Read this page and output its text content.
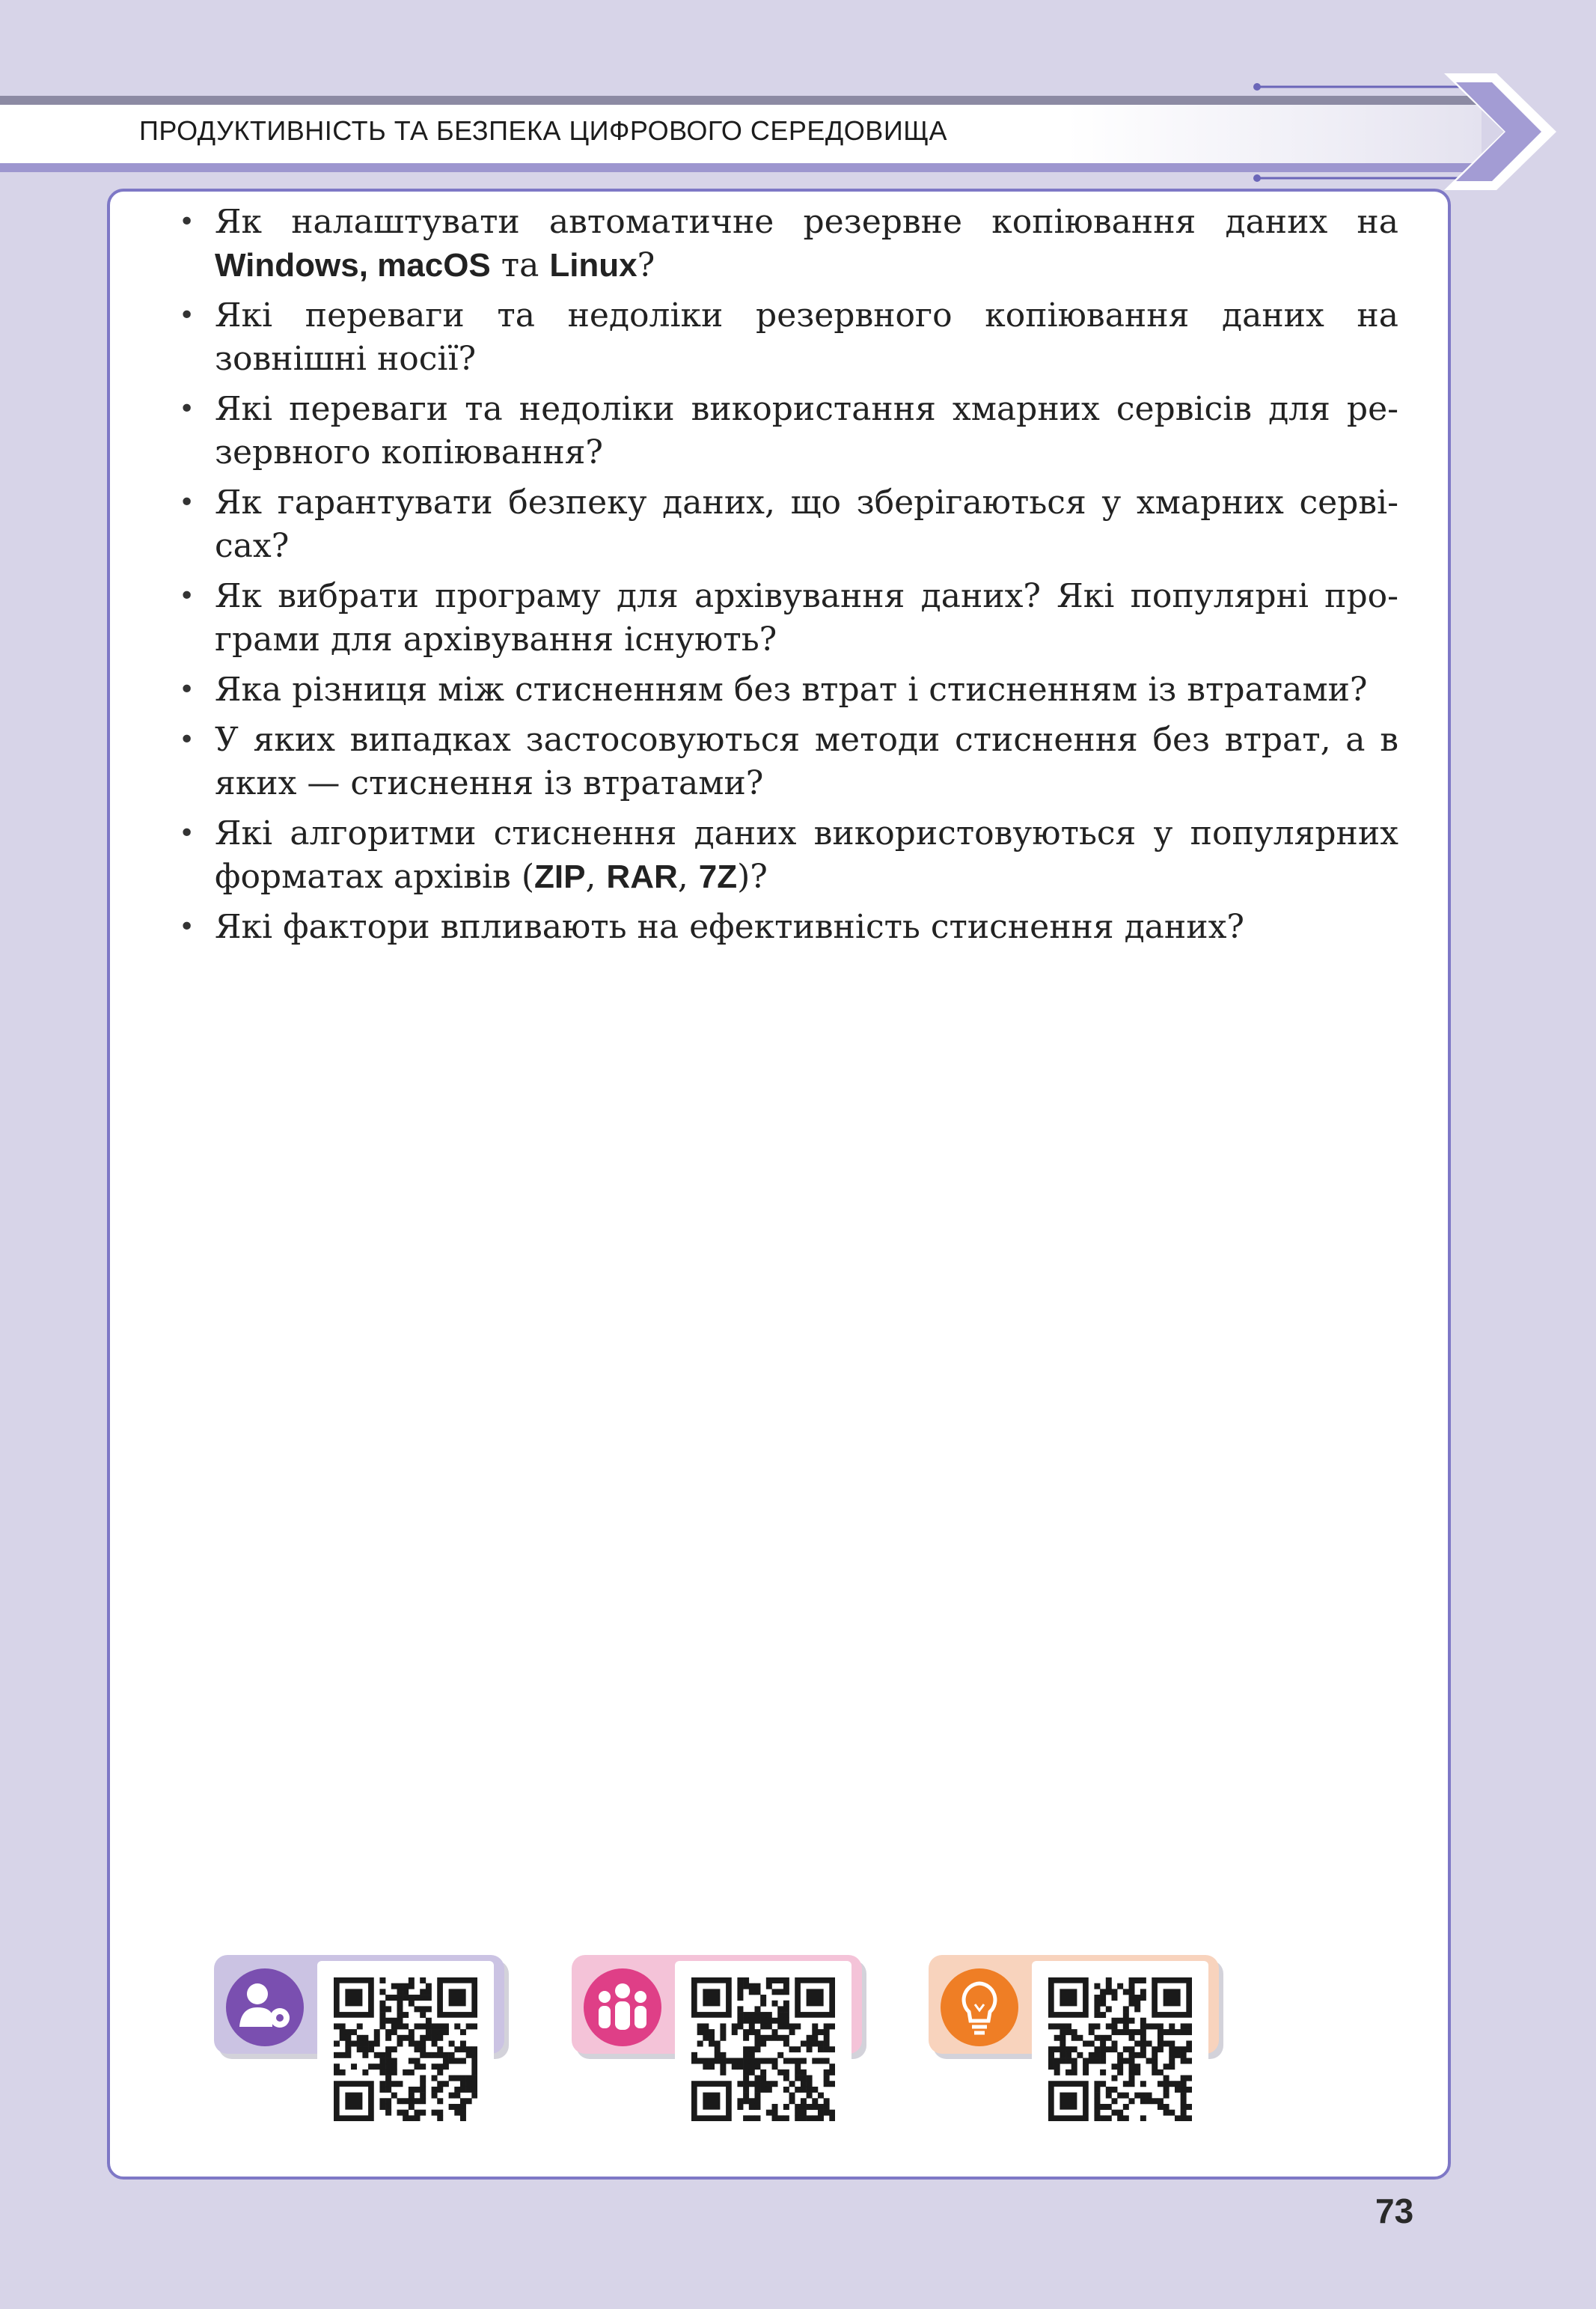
ПРОДУКТИВНІСТЬ ТА БЕЗПЕКА ЦИФРОВОГО СЕРЕДОВИЩА
• Як налаштувати автоматичне резервне копіювання даних на Windows, macOS та Linux?
• Які переваги та недоліки резервного копіювання даних на зовнішні носії?
• Які переваги та недоліки використання хмарних сервісів для ре- зервного копіювання?
• Як гарантувати безпеку даних, що зберігаються у хмарних серві- сах?
• Як вибрати програму для архівування даних? Які популярні про- грами для архівування існують?
• Яка різниця між стисненням без втрат і стисненням із втратами?
• У яких випадках застосовуються методи стиснення без втрат, а в яких — стиснення із втратами?
• Які алгоритми стиснення даних використовуються у популярних форматах архівів (ZIP, RAR, 7Z)?
• Які фактори впливають на ефективність стиснення даних?
73
